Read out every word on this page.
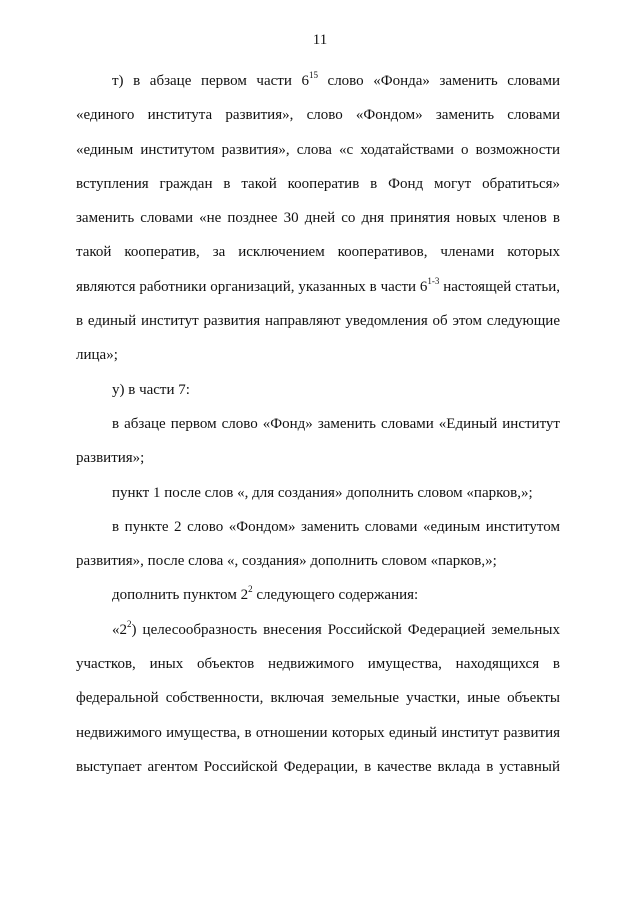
11

т) в абзаце первом части $6^{15}$ слово «Фонда» заменить словами «единого института развития», слово «Фондом» заменить словами «единым институтом развития», слова «с ходатайствами о возможности вступления граждан в такой кооператив в Фонд могут обратиться» заменить словами «не позднее 30 дней со дня принятия новых членов в такой кооператив, за исключением кооперативов, членами которых являются работники организаций, указанных в части 6$^{1-3}$ настоящей статьи, в единый институт развития направляют уведомления об этом следующие лица»;

у) в части 7:

в абзаце первом слово «Фонд» заменить словами «Единый институт развития»;

пункт 1 после слов «, для создания» дополнить словом «парков,»;

в пункте 2 слово «Фондом» заменить словами «единым институтом развития», после слова «, создания» дополнить словом «парков,»;

дополнить пунктом $2^2$ следующего содержания:

«$2^2$) целесообразность внесения Российской Федерацией земельных участков, иных объектов недвижимого имущества, находящихся в федеральной собственности, включая земельные участки, иные объекты недвижимого имущества, в отношении которых единый институт развития выступает агентом Российской Федерации, в качестве вклада в уставный
